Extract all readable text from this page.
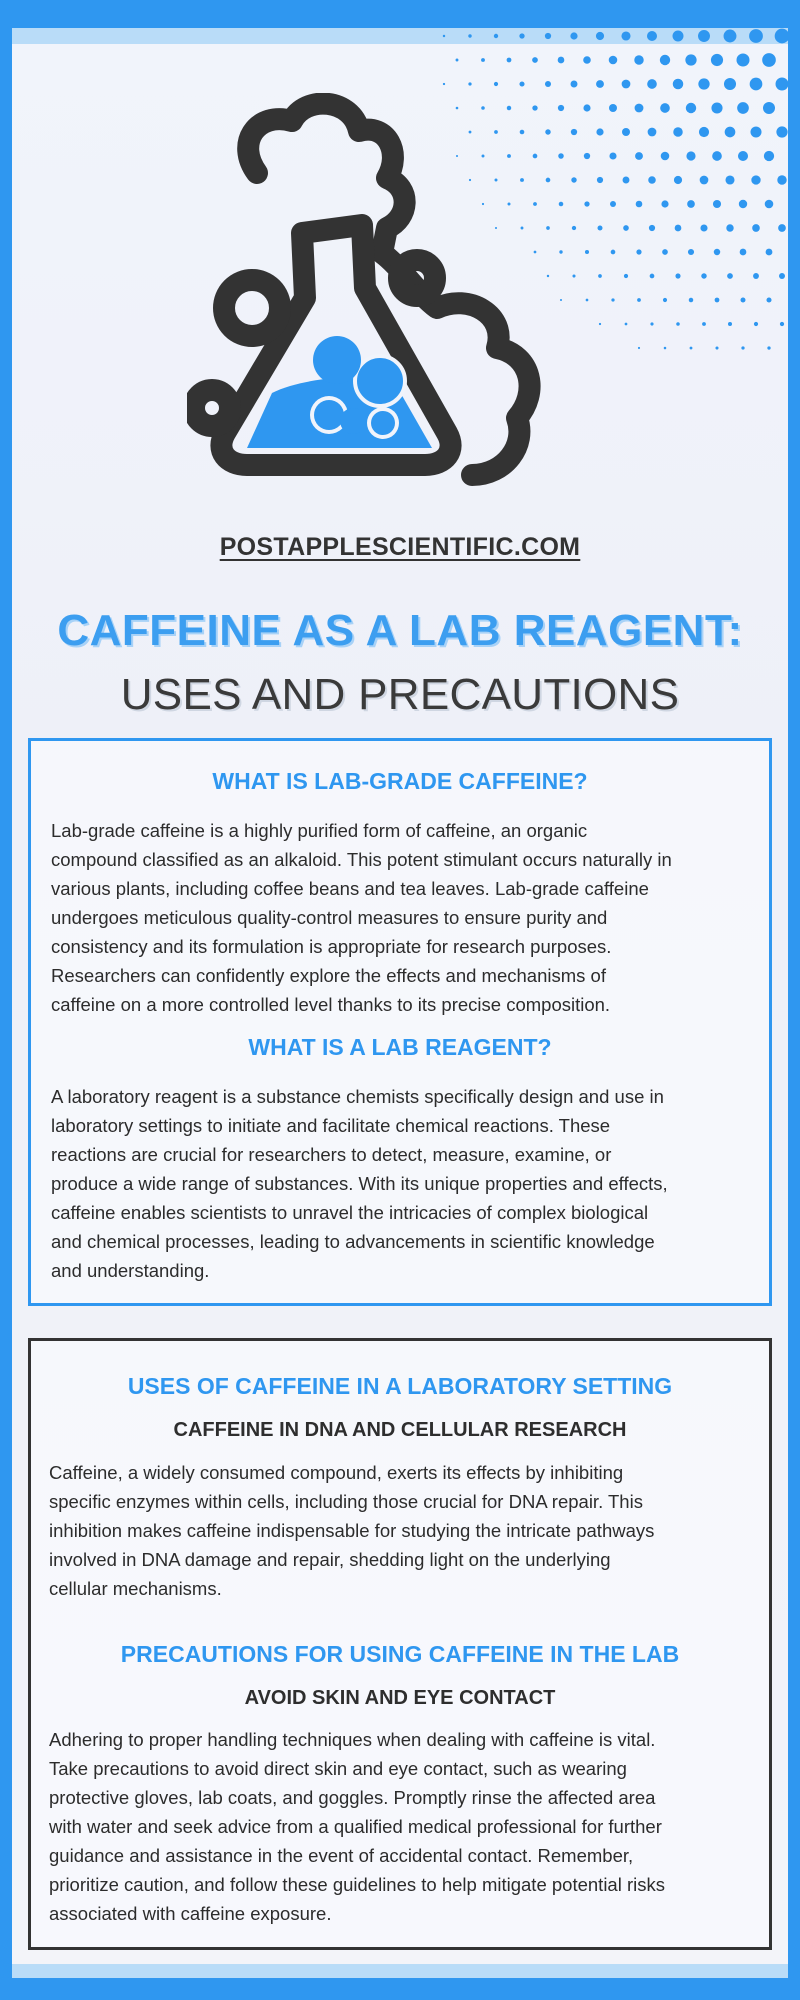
POSTAPPLESCIENTIFIC.COM
CAFFEINE AS A LAB REAGENT:
USES AND PRECAUTIONS
WHAT IS LAB-GRADE CAFFEINE?

Lab-grade caffeine is a highly purified form of caffeine, an organic

compound classified as an alkaloid. This potent stimulant occurs naturally in

various plants, including coffee beans and tea leaves. Lab-grade caffeine

undergoes meticulous quality-control measures to ensure purity and

consistency and its formulation is appropriate for research purposes.

Researchers can confidently explore the effects and mechanisms of

caffeine on a more controlled level thanks to its precise composition.

WHAT IS A LAB REAGENT?

A laboratory reagent is a substance chemists specifically design and use in

laboratory settings to initiate and facilitate chemical reactions. These

reactions are crucial for researchers to detect, measure, examine, or

produce a wide range of substances. With its unique properties and effects,

caffeine enables scientists to unravel the intricacies of complex biological

and chemical processes, leading to advancements in scientific knowledge

and understanding.

USES OF CAFFEINE IN A LABORATORY SETTING
CAFFEINE IN DNA AND CELLULAR RESEARCH

Caffeine, a widely consumed compound, exerts its effects by inhibiting

specific enzymes within cells, including those crucial for DNA repair. This

inhibition makes caffeine indispensable for studying the intricate pathways

involved in DNA damage and repair, shedding light on the underlying

cellular mechanisms.

PRECAUTIONS FOR USING CAFFEINE IN THE LAB
AVOID SKIN AND EYE CONTACT

Adhering to proper handling techniques when dealing with caffeine is vital.

Take precautions to avoid direct skin and eye contact, such as wearing

protective gloves, lab coats, and goggles. Promptly rinse the affected area

with water and seek advice from a qualified medical professional for further

guidance and assistance in the event of accidental contact. Remember,

prioritize caution, and follow these guidelines to help mitigate potential risks

associated with caffeine exposure.
